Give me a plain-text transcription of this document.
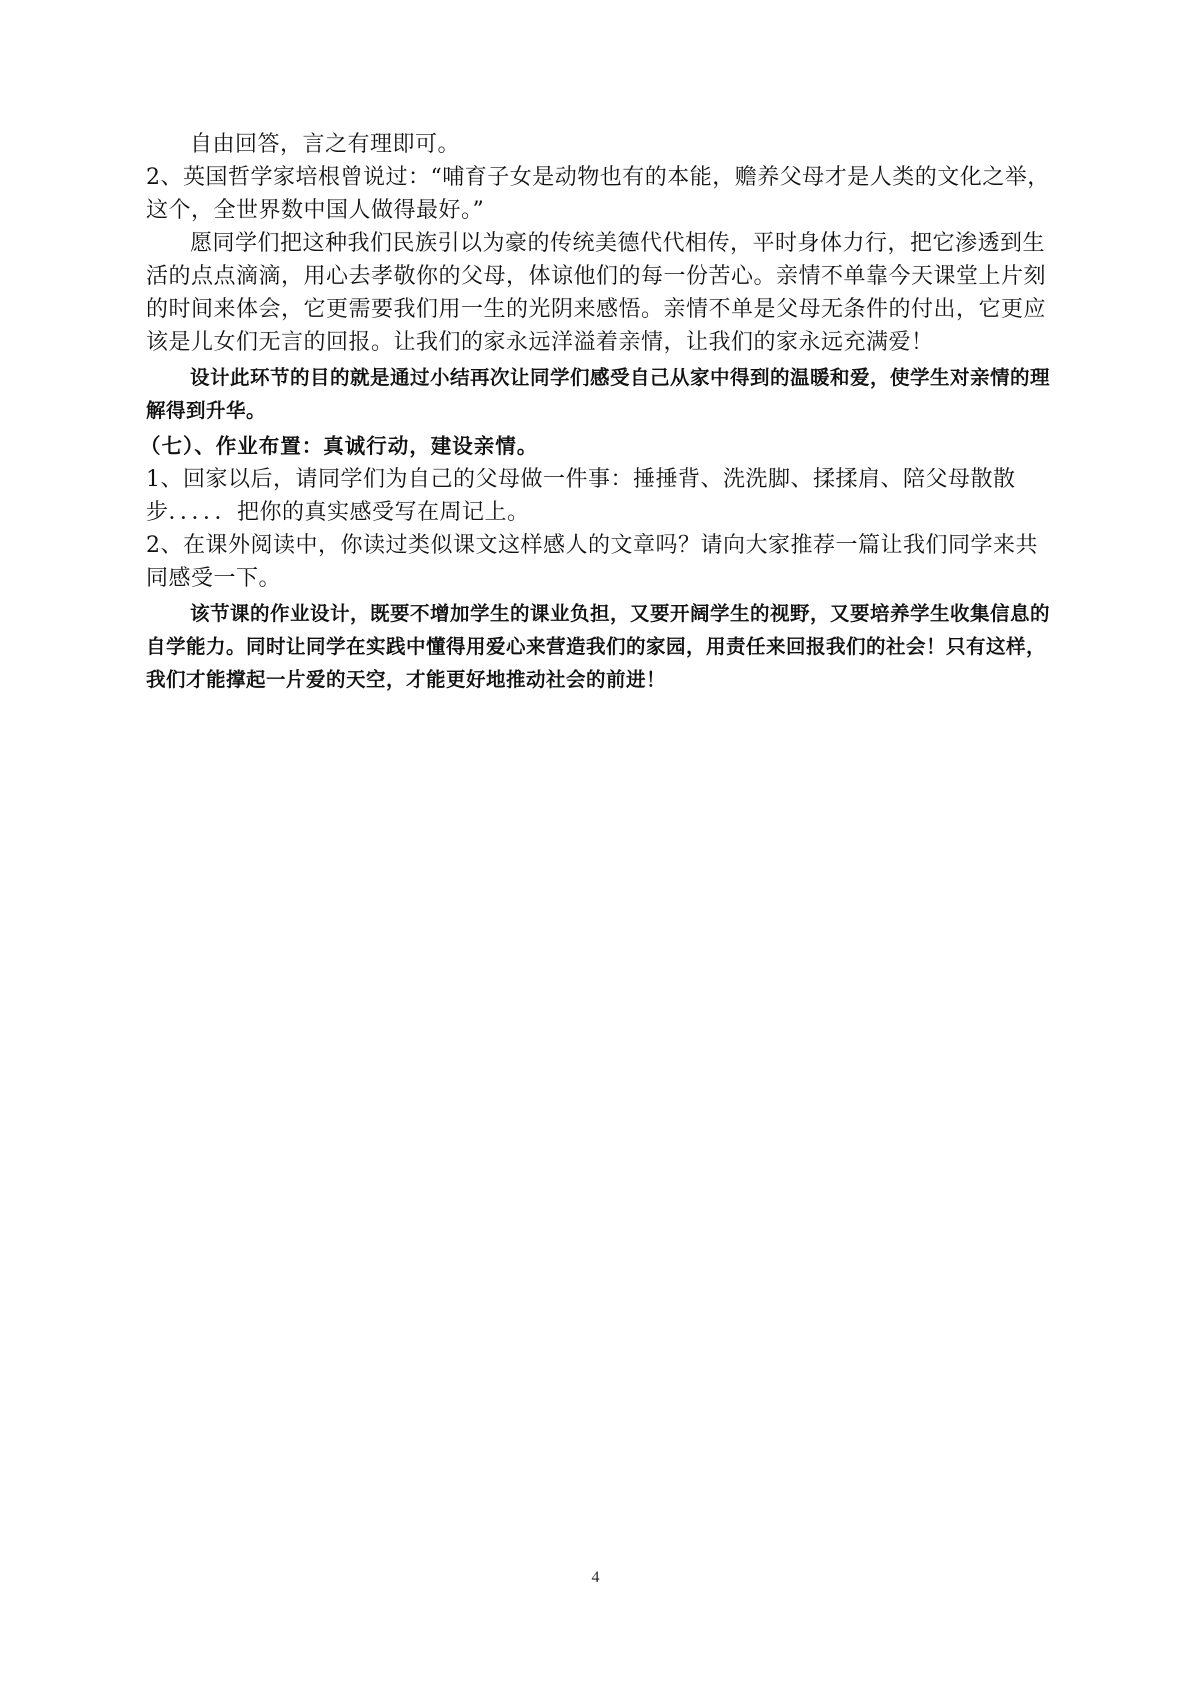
自由回答，言之有理即可。

2、英国哲学家培根曾说过：“哺育子女是动物也有的本能，赡养父母才是人类的文化之举，这个，全世界数中国人做得最好。”

愿同学们把这种我们民族引以为豪的传统美德代代相传，平时身体力行，把它渗透到生活的点点滴滴，用心去孝敬你的父母，体谅他们的每一份苦心。亲情不单靠今天课堂上片刻的时间来体会，它更需要我们用一生的光阴来感悟。亲情不单是父母无条件的付出，它更应该是儿女们无言的回报。让我们的家永远洋溢着亲情，让我们的家永远充满爱！

设计此环节的目的就是通过小结再次让同学们感受自己从家中得到的温暖和爱，使学生对亲情的理解得到升华。

（七）、作业布置：真诚行动，建设亲情。

1、回家以后，请同学们为自己的父母做一件事：捶捶背、洗洗脚、揉揉肩、陪父母散散步．．．．．把你的真实感受写在周记上。

2、在课外阅读中，你读过类似课文这样感人的文章吗？请向大家推荐一篇让我们同学来共同感受一下。

该节课的作业设计，既要不增加学生的课业负担，又要开阔学生的视野，又要培养学生收集信息的自学能力。同时让同学在实践中懂得用爱心来营造我们的家园，用责任来回报我们的社会！只有这样，我们才能撑起一片爱的天空，才能更好地推动社会的前进！

4
